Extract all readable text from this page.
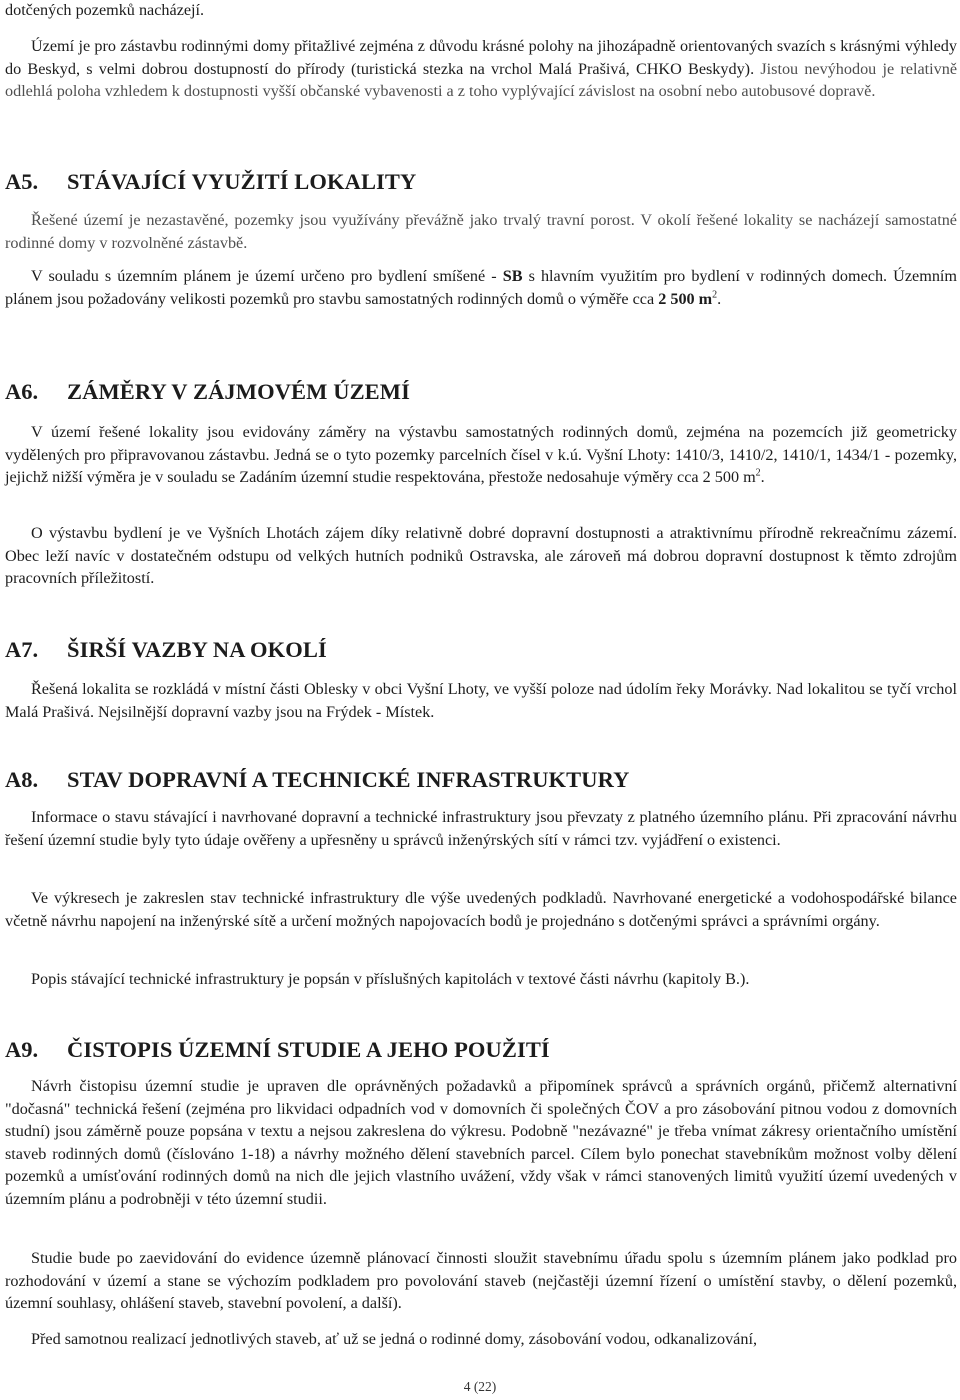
dotčených pozemků nacházejí.

Území je pro zástavbu rodinnými domy přitažlivé zejména z důvodu krásné polohy na jihozápadně orientovaných svazích s krásnými výhledy do Beskyd, s velmi dobrou dostupností do přírody (turistická stezka na vrchol Malá Prašivá, CHKO Beskydy). Jistou nevýhodou je relativně odlehlá poloha vzhledem k dostupnosti vyšší občanské vybavenosti a z toho vyplývající závislost na osobní nebo autobusové dopravě.

A5.	STÁVAJÍCÍ VYUŽITÍ LOKALITY

Řešené území je nezastavěné, pozemky jsou využívány převážně jako trvalý travní porost. V okolí řešené lokality se nacházejí samostatné rodinné domy v rozvolněné zástavbě.

V souladu s územním plánem je území určeno pro bydlení smíšené - SB s hlavním využitím pro bydlení v rodinných domech. Územním plánem jsou požadovány velikosti pozemků pro stavbu samostatných rodinných domů o výměře cca 2 500 $m^2$.

A6.	ZÁMĚRY V ZÁJMOVÉM ÚZEMÍ

V území řešené lokality jsou evidovány záměry na výstavbu samostatných rodinných domů, zejména na pozemcích již geometricky vydělených pro připravovanou zástavbu. Jedná se o tyto pozemky parcelních čísel v k.ú. Vyšní Lhoty: 1410/3, 1410/2, 1410/1, 1434/1 - pozemky, jejichž nižší výměra je v souladu se Zadáním územní studie respektována, přestože nedosahuje výměry cca 2 500 $m^2$.

O výstavbu bydlení je ve Vyšních Lhotách zájem díky relativně dobré dopravní dostupnosti a atraktivnímu přírodně rekreačnímu zázemí. Obec leží navíc v dostatečném odstupu od velkých hutních podniků Ostravska, ale zároveň má dobrou dopravní dostupnost k těmto zdrojům pracovních příležitostí.

A7.	ŠIRŠÍ VAZBY NA OKOLÍ

Řešená lokalita se rozkládá v místní části Oblesky v obci Vyšní Lhoty, ve vyšší poloze nad údolím řeky Morávky. Nad lokalitou se tyčí vrchol Malá Prašivá. Nejsilnější dopravní vazby jsou na Frýdek - Místek.

A8.	STAV DOPRAVNÍ A TECHNICKÉ INFRASTRUKTURY

Informace o stavu stávající i navrhované dopravní a technické infrastruktury jsou převzaty z platného územního plánu. Při zpracování návrhu řešení územní studie byly tyto údaje ověřeny a upřesněny u správců inženýrských sítí v rámci tzv. vyjádření o existenci.

Ve výkresech je zakreslen stav technické infrastruktury dle výše uvedených podkladů. Navrhované energetické a vodohospodářské bilance včetně návrhu napojení na inženýrské sítě a určení možných napojovacích bodů je projednáno s dotčenými správci a správními orgány.

Popis stávající technické infrastruktury je popsán v příslušných kapitolách v textové části návrhu (kapitoly B.).

A9.	ČISTOPIS ÚZEMNÍ STUDIE A JEHO POUŽITÍ

Návrh čistopisu územní studie je upraven dle oprávněných požadavků a připomínek správců a správních orgánů, přičemž alternativní "dočasná" technická řešení (zejména pro likvidaci odpadních vod v domovních či společných ČOV a pro zásobování pitnou vodou z domovních studní) jsou záměrně pouze popsána v textu a nejsou zakreslena do výkresu. Podobně "nezávazné" je třeba vnímat zákresy orientačního umístění staveb rodinných domů (číslováno 1-18) a návrhy možného dělení stavebních parcel. Cílem bylo ponechat stavebníkům možnost volby dělení pozemků a umísťování rodinných domů na nich dle jejich vlastního uvážení, vždy však v rámci stanovených limitů využití území uvedených v územním plánu a podrobněji v této územní studii.

Studie bude po zaevidování do evidence územně plánovací činnosti sloužit stavebnímu úřadu spolu s územním plánem jako podklad pro rozhodování v území a stane se výchozím podkladem pro povolování staveb (nejčastěji územní řízení o umístění stavby, o dělení pozemků, územní souhlasy, ohlášení staveb, stavební povolení, a další).

Před samotnou realizací jednotlivých staveb, ať už se jedná o rodinné domy, zásobování vodou, odkanalizování,

4 (22)
